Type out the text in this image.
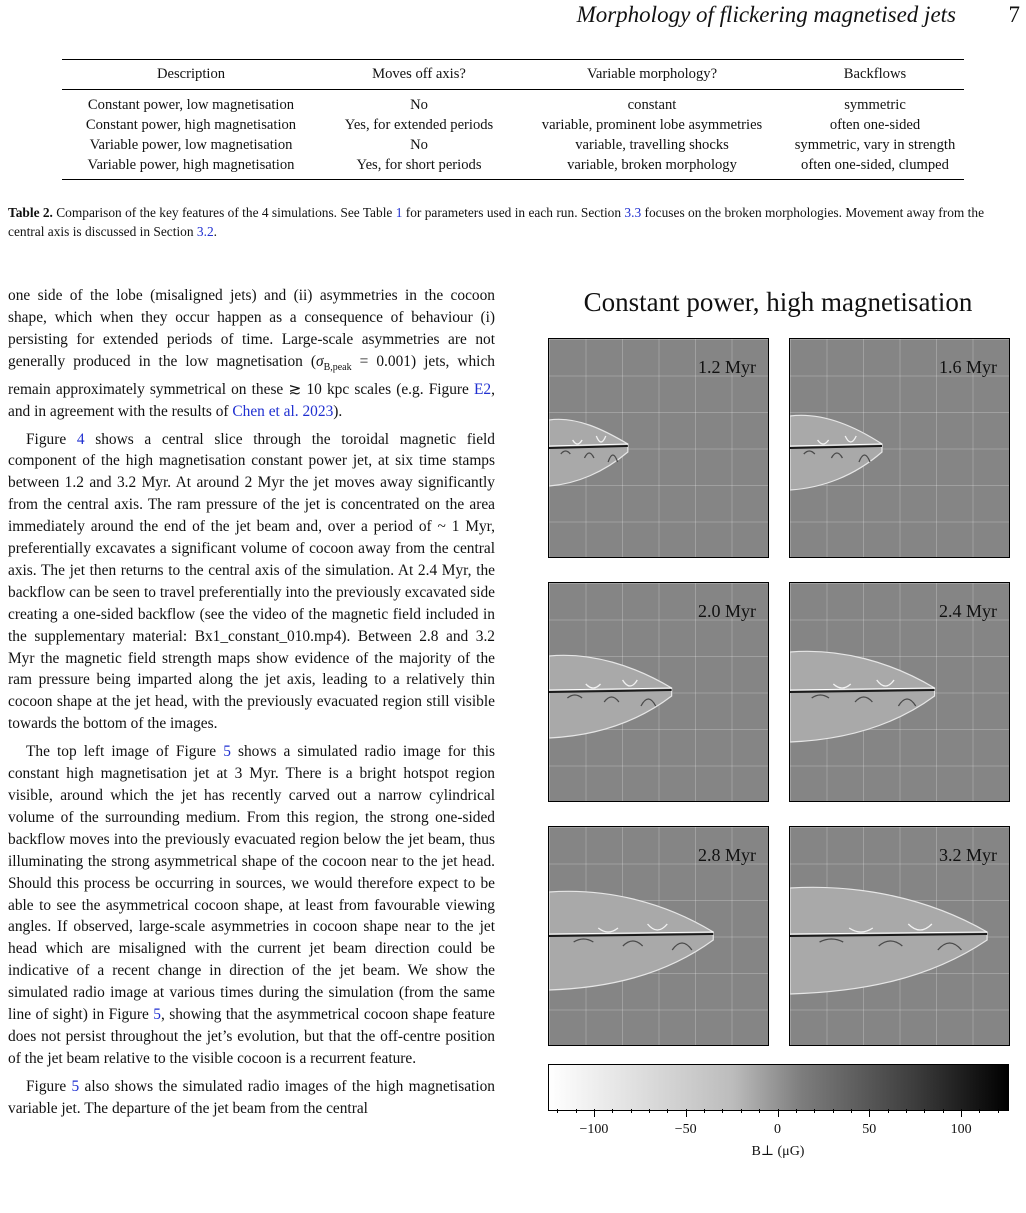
Morphology of flickering magnetised jets 7
Description	Moves off axis?	Variable morphology?	Backflows
Constant power, low magnetisation	No	constant	symmetric
Constant power, high magnetisation	Yes, for extended periods	variable, prominent lobe asymmetries	often one-sided
Variable power, low magnetisation	No	variable, travelling shocks	symmetric, vary in strength
Variable power, high magnetisation	Yes, for short periods	variable, broken morphology	often one-sided, clumped
Table 2. Comparison of the key features of the 4 simulations. See Table 1 for parameters used in each run. Section 3.3 focuses on the broken morphologies. Movement away from the central axis is discussed in Section 3.2.

one side of the lobe (misaligned jets) and (ii) asymmetries in the cocoon shape, which when they occur happen as a consequence of behaviour (i) persisting for extended periods of time. Large-scale asymmetries are not generally produced in the low magnetisation $(\sigma_{B,peak} = 0.001)$ jets, which remain approximately symmetrical on these ≳ 10 kpc scales (e.g. Figure E2, and in agreement with the results of Chen et al. 2023).

Figure 4 shows a central slice through the toroidal magnetic field component of the high magnetisation constant power jet, at six time stamps between 1.2 and 3.2 Myr. At around 2 Myr the jet moves away significantly from the central axis. The ram pressure of the jet is concentrated on the area immediately around the end of the jet beam and, over a period of ~ 1 Myr, preferentially excavates a significant volume of cocoon away from the central axis. The jet then returns to the central axis of the simulation. At 2.4 Myr, the backflow can be seen to travel preferentially into the previously excavated side creating a one-sided backflow (see the video of the magnetic field included in the supplementary material: Bx1_constant_010.mp4). Between 2.8 and 3.2 Myr the magnetic field strength maps show evidence of the majority of the ram pressure being imparted along the jet axis, leading to a relatively thin cocoon shape at the jet head, with the previously evacuated region still visible towards the bottom of the images.

The top left image of Figure 5 shows a simulated radio image for this constant high magnetisation jet at 3 Myr. There is a bright hotspot region visible, around which the jet has recently carved out a narrow cylindrical volume of the surrounding medium. From this region, the strong one-sided backflow moves into the previously evacuated region below the jet beam, thus illuminating the strong asymmetrical shape of the cocoon near to the jet head. Should this process be occurring in sources, we would therefore expect to be able to see the asymmetrical cocoon shape, at least from favourable viewing angles. If observed, large-scale asymmetries in cocoon shape near to the jet head which are misaligned with the current jet beam direction could be indicative of a recent change in direction of the jet beam. We show the simulated radio image at various times during the simulation (from the same line of sight) in Figure 5, showing that the asymmetrical cocoon shape feature does not persist throughout the jet’s evolution, but that the off-centre position of the jet beam relative to the visible cocoon is a recurrent feature.

Figure 5 also shows the simulated radio images of the high magnetisation variable jet. The departure of the jet beam from the central

Constant power, high magnetisation
1.2 Myr	1.6 Myr
2.0 Myr	2.4 Myr
2.8 Myr	3.2 Myr
−100	−50	0	50	100
B⊥ (μG)
